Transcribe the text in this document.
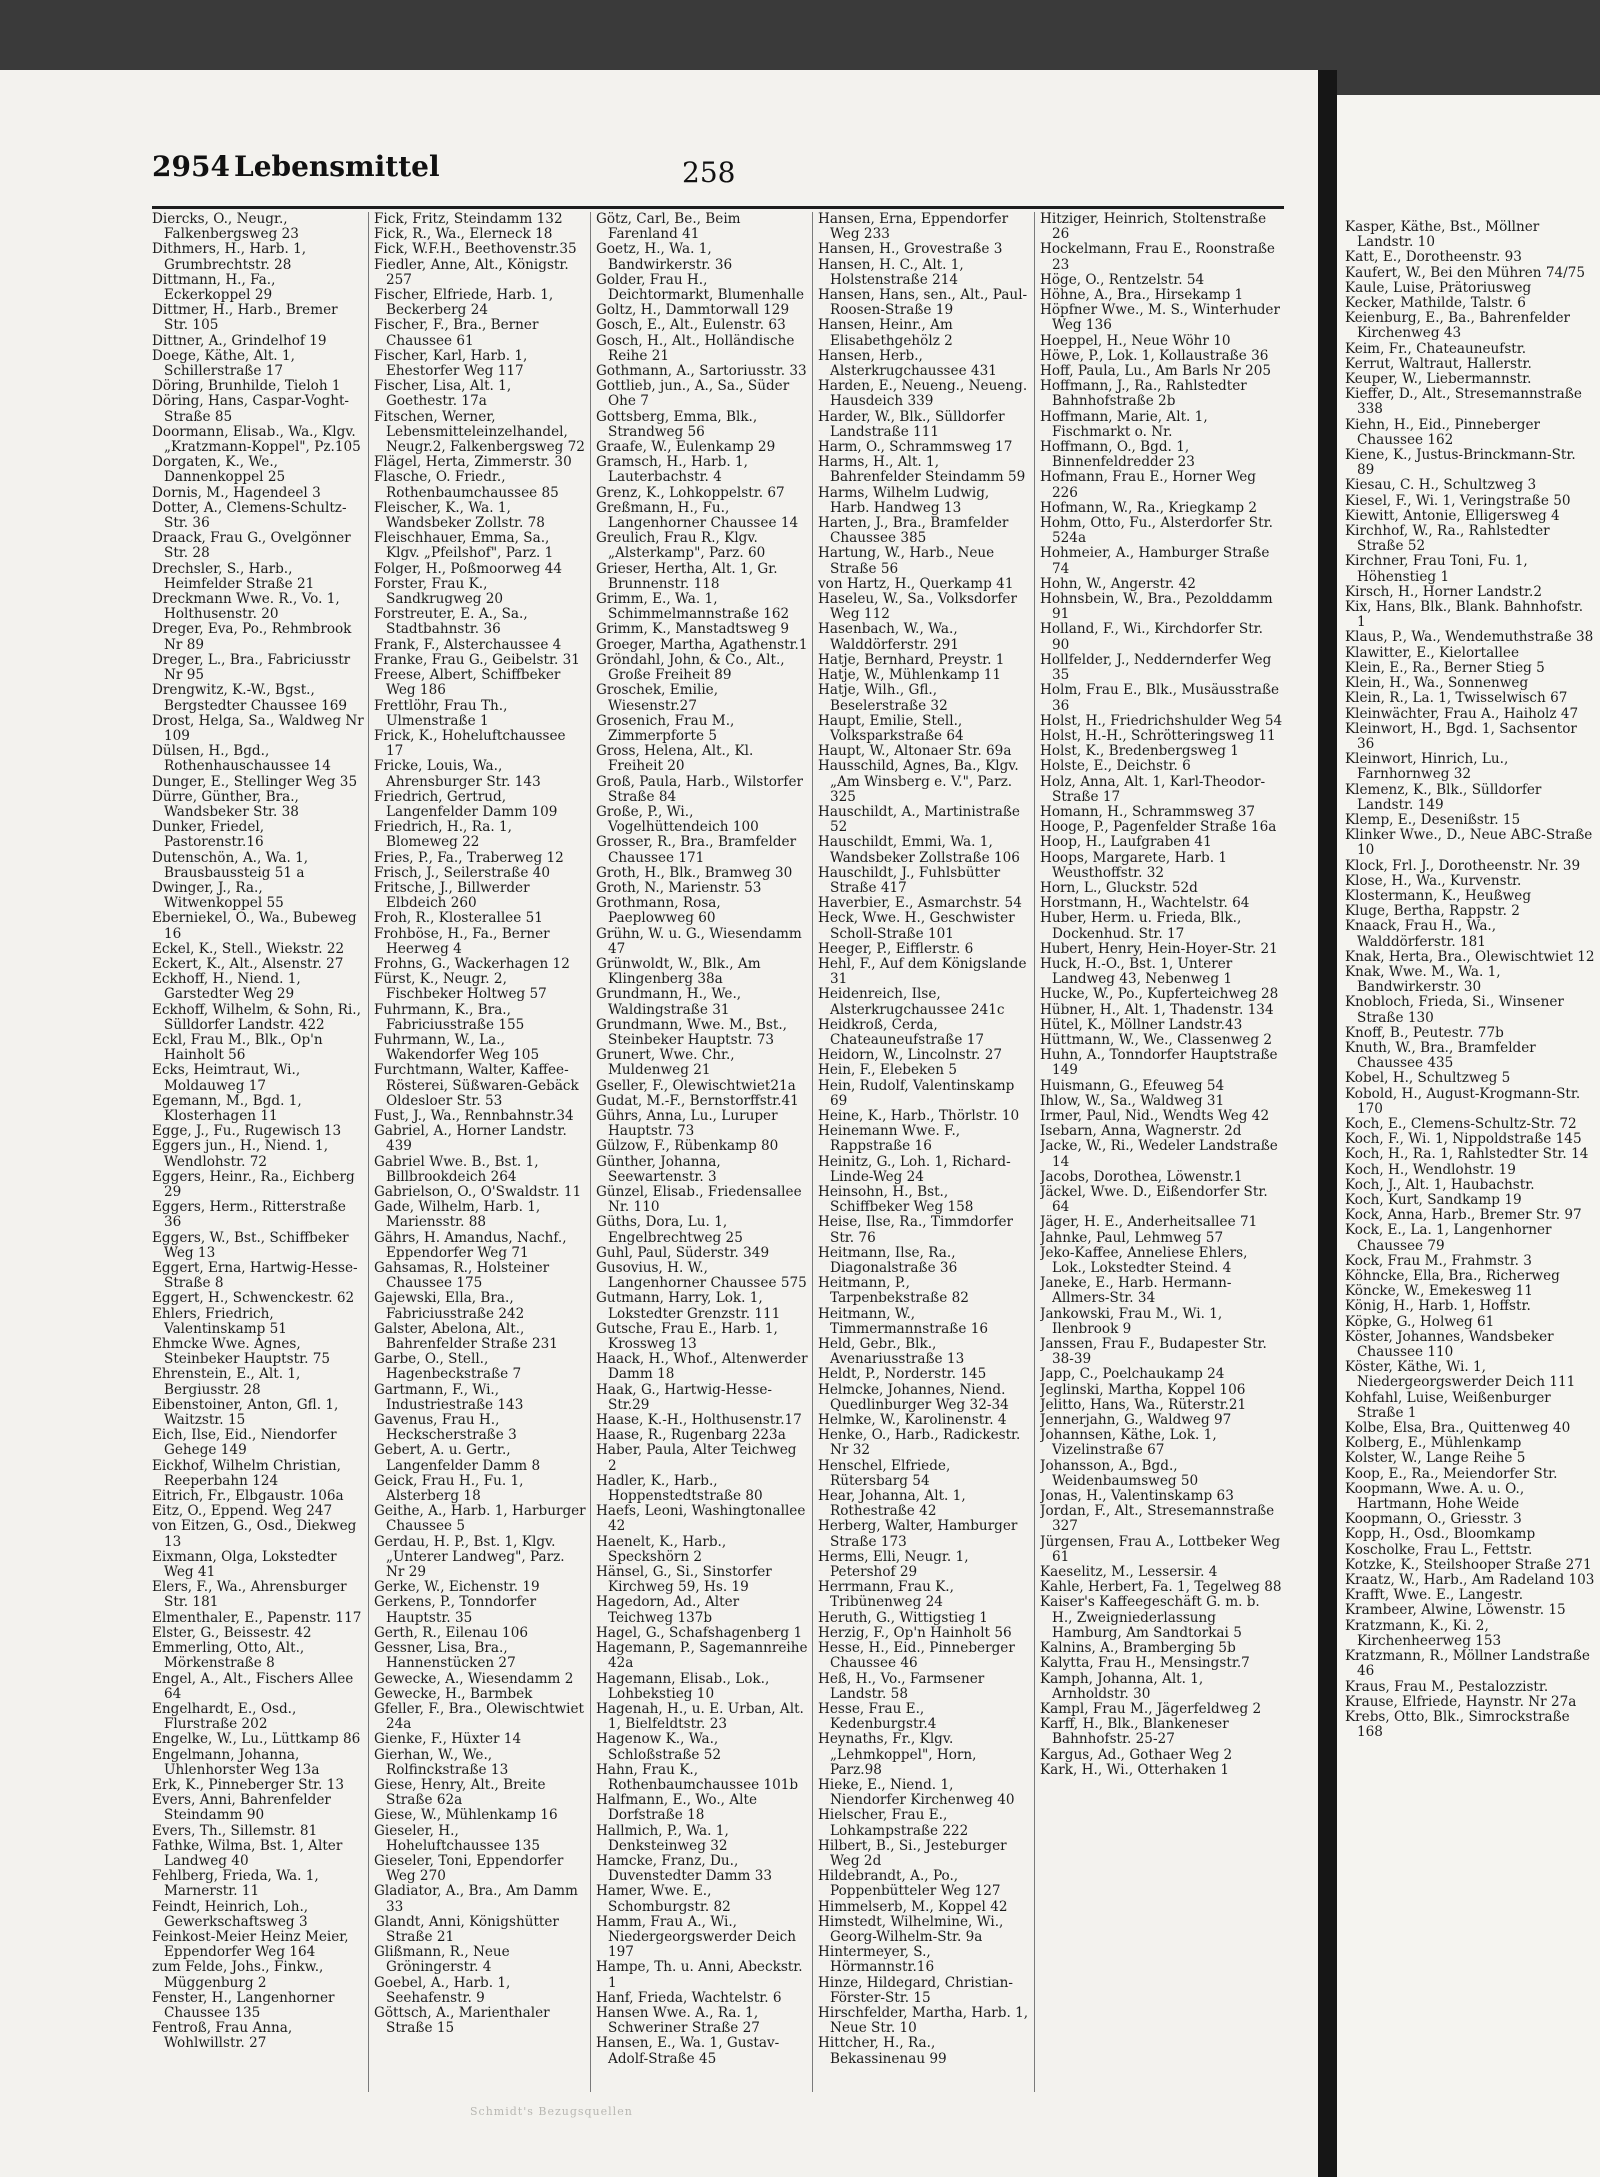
Kasper, Käthe, Bst., Möllner Landstr. 10

Katt, E., Dorotheenstr. 93

Kaufert, W., Bei den Mühren 74/75

Kaule, Luise, Prätoriusweg

Kecker, Mathilde, Talstr. 6

Keienburg, E., Ba., Bahrenfelder Kirchenweg 43

Keim, Fr., Chateauneufstr.

Kerrut, Waltraut, Hallerstr.

Keuper, W., Liebermannstr.

Kieffer, D., Alt., Stresemannstraße 338

Kiehn, H., Eid., Pinneberger Chaussee 162

Kiene, K., Justus-Brinckmann-Str. 89

Kiesau, C. H., Schultzweg 3

Kiesel, F., Wi. 1, Veringstraße 50

Kiewitt, Antonie, Elligersweg 4

Kirchhof, W., Ra., Rahlstedter Straße 52

Kirchner, Frau Toni, Fu. 1, Höhenstieg 1

Kirsch, H., Horner Landstr.2

Kix, Hans, Blk., Blank. Bahnhofstr. 1

Klaus, P., Wa., Wendemuthstraße 38

Klawitter, E., Kielortallee

Klein, E., Ra., Berner Stieg 5

Klein, H., Wa., Sonnenweg

Klein, R., La. 1, Twisselwisch 67

Kleinwächter, Frau A., Haiholz 47

Kleinwort, H., Bgd. 1, Sachsentor 36

Kleinwort, Hinrich, Lu., Farnhornweg 32

Klemenz, K., Blk., Sülldorfer Landstr. 149

Klemp, E., Desenißstr. 15

Klinker Wwe., D., Neue ABC-Straße 10

Klock, Frl. J., Dorotheenstr. Nr. 39

Klose, H., Wa., Kurvenstr.

Klostermann, K., Heußweg

Kluge, Bertha, Rappstr. 2

Knaack, Frau H., Wa., Walddörferstr. 181

Knak, Herta, Bra., Olewischtwiet 12

Knak, Wwe. M., Wa. 1, Bandwirkerstr. 30

Knobloch, Frieda, Si., Winsener Straße 130

Knoff, B., Peutestr. 77b

Knuth, W., Bra., Bramfelder Chaussee 435

Kobel, H., Schultzweg 5

Kobold, H., August-Krogmann-Str. 170

Koch, E., Clemens-Schultz-Str. 72

Koch, F., Wi. 1, Nippoldstraße 145

Koch, H., Ra. 1, Rahlstedter Str. 14

Koch, H., Wendlohstr. 19

Koch, J., Alt. 1, Haubachstr.

Koch, Kurt, Sandkamp 19

Kock, Anna, Harb., Bremer Str. 97

Kock, E., La. 1, Langenhorner Chaussee 79

Kock, Frau M., Frahmstr. 3

Köhncke, Ella, Bra., Richerweg

Köncke, W., Emekesweg 11

König, H., Harb. 1, Hoffstr.

Köpke, G., Holweg 61

Köster, Johannes, Wandsbeker Chaussee 110

Köster, Käthe, Wi. 1, Niedergeorgswerder Deich 111

Kohfahl, Luise, Weißenburger Straße 1

Kolbe, Elsa, Bra., Quittenweg 40

Kolberg, E., Mühlenkamp

Kolster, W., Lange Reihe 5

Koop, E., Ra., Meiendorfer Str.

Koopmann, Wwe. A. u. O., Hartmann, Hohe Weide

Koopmann, O., Griesstr. 3

Kopp, H., Osd., Bloomkamp

Koscholke, Frau L., Fettstr.

Kotzke, K., Steilshooper Straße 271

Kraatz, W., Harb., Am Radeland 103

Krafft, Wwe. E., Langestr.

Krambeer, Alwine, Löwenstr. 15

Kratzmann, K., Ki. 2, Kirchenheerweg 153

Kratzmann, R., Möllner Landstraße 46

Kraus, Frau M., Pestalozzistr.

Krause, Elfriede, Haynstr. Nr 27a

Krebs, Otto, Blk., Simrockstraße 168

2954 Lebensmittel	258

Diercks, O., Neugr., Falkenbergsweg 23

Dithmers, H., Harb. 1, Grumbrechtstr. 28

Dittmann, H., Fa., Eckerkoppel 29

Dittmer, H., Harb., Bremer Str. 105

Dittner, A., Grindelhof 19

Doege, Käthe, Alt. 1, Schillerstraße 17

Döring, Brunhilde, Tieloh 1

Döring, Hans, Caspar-Voght-Straße 85

Doormann, Elisab., Wa., Klgv. „Kratzmann-Koppel", Pz.105

Dorgaten, K., We., Dannenkoppel 25

Dornis, M., Hagendeel 3

Dotter, A., Clemens-Schultz-Str. 36

Draack, Frau G., Ovelgönner Str. 28

Drechsler, S., Harb., Heimfelder Straße 21

Dreckmann Wwe. R., Vo. 1, Holthusenstr. 20

Dreger, Eva, Po., Rehmbrook Nr 89

Dreger, L., Bra., Fabriciusstr Nr 95

Drengwitz, K.-W., Bgst., Bergstedter Chaussee 169

Drost, Helga, Sa., Waldweg Nr 109

Dülsen, H., Bgd., Rothenhauschaussee 14

Dunger, E., Stellinger Weg 35

Dürre, Günther, Bra., Wandsbeker Str. 38

Dunker, Friedel, Pastorenstr.16

Dutenschön, A., Wa. 1, Brausbaussteig 51 a

Dwinger, J., Ra., Witwenkoppel 55

Eberniekel, O., Wa., Bubeweg 16

Eckel, K., Stell., Wiekstr. 22

Eckert, K., Alt., Alsenstr. 27

Eckhoff, H., Niend. 1, Garstedter Weg 29

Eckhoff, Wilhelm, & Sohn, Ri., Sülldorfer Landstr. 422

Eckl, Frau M., Blk., Op'n Hainholt 56

Ecks, Heimtraut, Wi., Moldauweg 17

Egemann, M., Bgd. 1, Klosterhagen 11

Egge, J., Fu., Rugewisch 13

Eggers jun., H., Niend. 1, Wendlohstr. 72

Eggers, Heinr., Ra., Eichberg 29

Eggers, Herm., Ritterstraße 36

Eggers, W., Bst., Schiffbeker Weg 13

Eggert, Erna, Hartwig-Hesse-Straße 8

Eggert, H., Schwenckestr. 62

Ehlers, Friedrich, Valentinskamp 51

Ehmcke Wwe. Agnes, Steinbeker Hauptstr. 75

Ehrenstein, E., Alt. 1, Bergiusstr. 28

Eibenstoiner, Anton, Gfl. 1, Waitzstr. 15

Eich, Ilse, Eid., Niendorfer Gehege 149

Eickhof, Wilhelm Christian, Reeperbahn 124

Eitrich, Fr., Elbgaustr. 106a

Eitz, O., Eppend. Weg 247

von Eitzen, G., Osd., Diekweg 13

Eixmann, Olga, Lokstedter Weg 41

Elers, F., Wa., Ahrensburger Str. 181

Elmenthaler, E., Papenstr. 117

Elster, G., Beissestr. 42

Emmerling, Otto, Alt., Mörkenstraße 8

Engel, A., Alt., Fischers Allee 64

Engelhardt, E., Osd., Flurstraße 202

Engelke, W., Lu., Lüttkamp 86

Engelmann, Johanna, Uhlenhorster Weg 13a

Erk, K., Pinneberger Str. 13

Evers, Anni, Bahrenfelder Steindamm 90

Evers, Th., Sillemstr. 81

Fathke, Wilma, Bst. 1, Alter Landweg 40

Fehlberg, Frieda, Wa. 1, Marnerstr. 11

Feindt, Heinrich, Loh., Gewerkschaftsweg 3

Feinkost-Meier Heinz Meier, Eppendorfer Weg 164

zum Felde, Johs., Finkw., Müggenburg 2

Fenster, H., Langenhorner Chaussee 135

Fentroß, Frau Anna, Wohlwillstr. 27

Fick, Fritz, Steindamm 132

Fick, R., Wa., Elerneck 18

Fick, W.F.H., Beethovenstr.35

Fiedler, Anne, Alt., Königstr. 257

Fischer, Elfriede, Harb. 1, Beckerberg 24

Fischer, F., Bra., Berner Chaussee 61

Fischer, Karl, Harb. 1, Ehestorfer Weg 117

Fischer, Lisa, Alt. 1, Goethestr. 17a

Fitschen, Werner, Lebensmitteleinzelhandel, Neugr.2, Falkenbergsweg 72

Flägel, Herta, Zimmerstr. 30

Flasche, O. Friedr., Rothenbaumchaussee 85

Fleischer, K., Wa. 1, Wandsbeker Zollstr. 78

Fleischhauer, Emma, Sa., Klgv. „Pfeilshof", Parz. 1

Folger, H., Poßmoorweg 44

Forster, Frau K., Sandkrugweg 20

Forstreuter, E. A., Sa., Stadtbahnstr. 36

Frank, F., Alsterchaussee 4

Franke, Frau G., Geibelstr. 31

Freese, Albert, Schiffbeker Weg 186

Frettlöhr, Frau Th., Ulmenstraße 1

Frick, K., Hoheluftchaussee 17

Fricke, Louis, Wa., Ahrensburger Str. 143

Friedrich, Gertrud, Langenfelder Damm 109

Friedrich, H., Ra. 1, Blomeweg 22

Fries, P., Fa., Traberweg 12

Frisch, J., Seilerstraße 40

Fritsche, J., Billwerder Elbdeich 260

Froh, R., Klosterallee 51

Frohböse, H., Fa., Berner Heerweg 4

Frohns, G., Wackerhagen 12

Fürst, K., Neugr. 2, Fischbeker Holtweg 57

Fuhrmann, K., Bra., Fabriciusstraße 155

Fuhrmann, W., La., Wakendorfer Weg 105

Furchtmann, Walter, Kaffee-Rösterei, Süßwaren-Gebäck Oldesloer Str. 53

Fust, J., Wa., Rennbahnstr.34

Gabriel, A., Horner Landstr. 439

Gabriel Wwe. B., Bst. 1, Billbrookdeich 264

Gabrielson, O., O'Swaldstr. 11

Gade, Wilhelm, Harb. 1, Mariensstr. 88

Gährs, H. Amandus, Nachf., Eppendorfer Weg 71

Gahsamas, R., Holsteiner Chaussee 175

Gajewski, Ella, Bra., Fabriciusstraße 242

Galster, Abelona, Alt., Bahrenfelder Straße 231

Garbe, O., Stell., Hagenbeckstraße 7

Gartmann, F., Wi., Industriestraße 143

Gavenus, Frau H., Heckscherstraße 3

Gebert, A. u. Gertr., Langenfelder Damm 8

Geick, Frau H., Fu. 1, Alsterberg 18

Geithe, A., Harb. 1, Harburger Chaussee 5

Gerdau, H. P., Bst. 1, Klgv. „Unterer Landweg", Parz. Nr 29

Gerke, W., Eichenstr. 19

Gerkens, P., Tonndorfer Hauptstr. 35

Gerth, R., Eilenau 106

Gessner, Lisa, Bra., Hannenstücken 27

Gewecke, A., Wiesendamm 2

Gewecke, H., Barmbek

Gfeller, F., Bra., Olewischtwiet 24a

Gienke, F., Hüxter 14

Gierhan, W., We., Rolfinckstraße 13

Giese, Henry, Alt., Breite Straße 62a

Giese, W., Mühlenkamp 16

Gieseler, H., Hoheluftchaussee 135

Gieseler, Toni, Eppendorfer Weg 270

Gladiator, A., Bra., Am Damm 33

Glandt, Anni, Königshütter Straße 21

Glißmann, R., Neue Gröningerstr. 4

Goebel, A., Harb. 1, Seehafenstr. 9

Göttsch, A., Marienthaler Straße 15

Götz, Carl, Be., Beim Farenland 41

Goetz, H., Wa. 1, Bandwirkerstr. 36

Golder, Frau H., Deichtormarkt, Blumenhalle

Goltz, H., Dammtorwall 129

Gosch, E., Alt., Eulenstr. 63

Gosch, H., Alt., Holländische Reihe 21

Gothmann, A., Sartoriusstr. 33

Gottlieb, jun., A., Sa., Süder Ohe 7

Gottsberg, Emma, Blk., Strandweg 56

Graafe, W., Eulenkamp 29

Gramsch, H., Harb. 1, Lauterbachstr. 4

Grenz, K., Lohkoppelstr. 67

Greßmann, H., Fu., Langenhorner Chaussee 14

Greulich, Frau R., Klgv. „Alsterkamp", Parz. 60

Grieser, Hertha, Alt. 1, Gr. Brunnenstr. 118

Grimm, E., Wa. 1, Schimmelmannstraße 162

Grimm, K., Manstadtsweg 9

Groeger, Martha, Agathenstr.1

Gröndahl, John, & Co., Alt., Große Freiheit 89

Groschek, Emilie, Wiesenstr.27

Grosenich, Frau M., Zimmerpforte 5

Gross, Helena, Alt., Kl. Freiheit 20

Groß, Paula, Harb., Wilstorfer Straße 84

Große, P., Wi., Vogelhüttendeich 100

Grosser, R., Bra., Bramfelder Chaussee 171

Groth, H., Blk., Bramweg 30

Groth, N., Marienstr. 53

Grothmann, Rosa, Paeplowweg 60

Grühn, W. u. G., Wiesendamm 47

Grünwoldt, W., Blk., Am Klingenberg 38a

Grundmann, H., We., Waldingstraße 31

Grundmann, Wwe. M., Bst., Steinbeker Hauptstr. 73

Grunert, Wwe. Chr., Muldenweg 21

Gseller, F., Olewischtwiet21a

Gudat, M.-F., Bernstorffstr.41

Gührs, Anna, Lu., Luruper Hauptstr. 73

Gülzow, F., Rübenkamp 80

Günther, Johanna, Seewartenstr. 3

Günzel, Elisab., Friedensallee Nr. 110

Güths, Dora, Lu. 1, Engelbrechtweg 25

Guhl, Paul, Süderstr. 349

Gusovius, H. W., Langenhorner Chaussee 575

Gutmann, Harry, Lok. 1, Lokstedter Grenzstr. 111

Gutsche, Frau E., Harb. 1, Krossweg 13

Haack, H., Whof., Altenwerder Damm 18

Haak, G., Hartwig-Hesse-Str.29

Haase, K.-H., Holthusenstr.17

Haase, R., Rugenbarg 223a

Haber, Paula, Alter Teichweg 2

Hadler, K., Harb., Hoppenstedtstraße 80

Haefs, Leoni, Washingtonallee 42

Haenelt, K., Harb., Speckshörn 2

Hänsel, G., Si., Sinstorfer Kirchweg 59, Hs. 19

Hagedorn, Ad., Alter Teichweg 137b

Hagel, G., Schafshagenberg 1

Hagemann, P., Sagemannreihe 42a

Hagemann, Elisab., Lok., Lohbekstieg 10

Hagenah, H., u. E. Urban, Alt. 1, Bielfeldtstr. 23

Hagenow K., Wa., Schloßstraße 52

Hahn, Frau K., Rothenbaumchaussee 101b

Halfmann, E., Wo., Alte Dorfstraße 18

Hallmich, P., Wa. 1, Denksteinweg 32

Hamcke, Franz, Du., Duvenstedter Damm 33

Hamer, Wwe. E., Schomburgstr. 82

Hamm, Frau A., Wi., Niedergeorgswerder Deich 197

Hampe, Th. u. Anni, Abeckstr. 1

Hanf, Frieda, Wachtelstr. 6

Hansen Wwe. A., Ra. 1, Schweriner Straße 27

Hansen, E., Wa. 1, Gustav-Adolf-Straße 45

Hansen, Erna, Eppendorfer Weg 233

Hansen, H., Grovestraße 3

Hansen, H. C., Alt. 1, Holstenstraße 214

Hansen, Hans, sen., Alt., Paul-Roosen-Straße 19

Hansen, Heinr., Am Elisabethgehölz 2

Hansen, Herb., Alsterkrugchaussee 431

Harden, E., Neueng., Neueng. Hausdeich 339

Harder, W., Blk., Sülldorfer Landstraße 111

Harm, O., Schrammsweg 17

Harms, H., Alt. 1, Bahrenfelder Steindamm 59

Harms, Wilhelm Ludwig, Harb. Handweg 13

Harten, J., Bra., Bramfelder Chaussee 385

Hartung, W., Harb., Neue Straße 56

von Hartz, H., Querkamp 41

Haseleu, W., Sa., Volksdorfer Weg 112

Hasenbach, W., Wa., Walddörferstr. 291

Hatje, Bernhard, Preystr. 1

Hatje, W., Mühlenkamp 11

Hatje, Wilh., Gfl., Beselerstraße 32

Haupt, Emilie, Stell., Volksparkstraße 64

Haupt, W., Altonaer Str. 69a

Hausschild, Agnes, Ba., Klgv. „Am Winsberg e. V.", Parz. 325

Hauschildt, A., Martinistraße 52

Hauschildt, Emmi, Wa. 1, Wandsbeker Zollstraße 106

Hauschildt, J., Fuhlsbütter Straße 417

Haverbier, E., Asmarchstr. 54

Heck, Wwe. H., Geschwister Scholl-Straße 101

Heeger, P., Eifflerstr. 6

Hehl, F., Auf dem Königslande 31

Heidenreich, Ilse, Alsterkrugchaussee 241c

Heidkroß, Cerda, Chateauneufstraße 17

Heidorn, W., Lincolnstr. 27

Hein, F., Elebeken 5

Hein, Rudolf, Valentinskamp 69

Heine, K., Harb., Thörlstr. 10

Heinemann Wwe. F., Rappstraße 16

Heinitz, G., Loh. 1, Richard-Linde-Weg 24

Heinsohn, H., Bst., Schiffbeker Weg 158

Heise, Ilse, Ra., Timmdorfer Str. 76

Heitmann, Ilse, Ra., Diagonalstraße 36

Heitmann, P., Tarpenbekstraße 82

Heitmann, W., Timmermannstraße 16

Held, Gebr., Blk., Avenariusstraße 13

Heldt, P., Norderstr. 145

Helmcke, Johannes, Niend. Quedlinburger Weg 32-34

Helmke, W., Karolinenstr. 4

Henke, O., Harb., Radickestr. Nr 32

Henschel, Elfriede, Rütersbarg 54

Hear, Johanna, Alt. 1, Rothestraße 42

Herberg, Walter, Hamburger Straße 173

Herms, Elli, Neugr. 1, Petershof 29

Herrmann, Frau K., Tribünenweg 24

Heruth, G., Wittigstieg 1

Herzig, F., Op'n Hainholt 56

Hesse, H., Eid., Pinneberger Chaussee 46

Heß, H., Vo., Farmsener Landstr. 58

Hesse, Frau E., Kedenburgstr.4

Heynaths, Fr., Klgv. „Lehmkoppel", Horn, Parz.98

Hieke, E., Niend. 1, Niendorfer Kirchenweg 40

Hielscher, Frau E., Lohkampstraße 222

Hilbert, B., Si., Jesteburger Weg 2d

Hildebrandt, A., Po., Poppenbütteler Weg 127

Himmelserb, M., Koppel 42

Himstedt, Wilhelmine, Wi., Georg-Wilhelm-Str. 9a

Hintermeyer, S., Hörmannstr.16

Hinze, Hildegard, Christian-Förster-Str. 15

Hirschfelder, Martha, Harb. 1, Neue Str. 10

Hittcher, H., Ra., Bekassinenau 99

Hitziger, Heinrich, Stoltenstraße 26

Hockelmann, Frau E., Roonstraße 23

Höge, O., Rentzelstr. 54

Höhne, A., Bra., Hirsekamp 1

Höpfner Wwe., M. S., Winterhuder Weg 136

Hoeppel, H., Neue Wöhr 10

Höwe, P., Lok. 1, Kollaustraße 36

Hoff, Paula, Lu., Am Barls Nr 205

Hoffmann, J., Ra., Rahlstedter Bahnhofstraße 2b

Hoffmann, Marie, Alt. 1, Fischmarkt o. Nr.

Hoffmann, O., Bgd. 1, Binnenfeldredder 23

Hofmann, Frau E., Horner Weg 226

Hofmann, W., Ra., Kriegkamp 2

Hohm, Otto, Fu., Alsterdorfer Str. 524a

Hohmeier, A., Hamburger Straße 74

Hohn, W., Angerstr. 42

Hohnsbein, W., Bra., Pezolddamm 91

Holland, F., Wi., Kirchdorfer Str. 90

Hollfelder, J., Neddernderfer Weg 35

Holm, Frau E., Blk., Musäusstraße 36

Holst, H., Friedrichshulder Weg 54

Holst, H.-H., Schrötteringsweg 11

Holst, K., Bredenbergsweg 1

Holste, E., Deichstr. 6

Holz, Anna, Alt. 1, Karl-Theodor-Straße 17

Homann, H., Schrammsweg 37

Hooge, P., Pagenfelder Straße 16a

Hoop, H., Laufgraben 41

Hoops, Margarete, Harb. 1 Weusthoffstr. 32

Horn, L., Gluckstr. 52d

Horstmann, H., Wachtelstr. 64

Huber, Herm. u. Frieda, Blk., Dockenhud. Str. 17

Hubert, Henry, Hein-Hoyer-Str. 21

Huck, H.-O., Bst. 1, Unterer Landweg 43, Nebenweg 1

Hucke, W., Po., Kupferteichweg 28

Hübner, H., Alt. 1, Thadenstr. 134

Hütel, K., Möllner Landstr.43

Hüttmann, W., We., Classenweg 2

Huhn, A., Tonndorfer Hauptstraße 149

Huismann, G., Efeuweg 54

Ihlow, W., Sa., Waldweg 31

Irmer, Paul, Nid., Wendts Weg 42

Isebarn, Anna, Wagnerstr. 2d

Jacke, W., Ri., Wedeler Landstraße 14

Jacobs, Dorothea, Löwenstr.1

Jäckel, Wwe. D., Eißendorfer Str. 64

Jäger, H. E., Anderheitsallee 71

Jahnke, Paul, Lehmweg 57

Jeko-Kaffee, Anneliese Ehlers, Lok., Lokstedter Steind. 4

Janeke, E., Harb. Hermann-Allmers-Str. 34

Jankowski, Frau M., Wi. 1, Ilenbrook 9

Janssen, Frau F., Budapester Str. 38-39

Japp, C., Poelchaukamp 24

Jeglinski, Martha, Koppel 106

Jelitto, Hans, Wa., Rüterstr.21

Jennerjahn, G., Waldweg 97

Johannsen, Käthe, Lok. 1, Vizelinstraße 67

Johansson, A., Bgd., Weidenbaumsweg 50

Jonas, H., Valentinskamp 63

Jordan, F., Alt., Stresemannstraße 327

Jürgensen, Frau A., Lottbeker Weg 61

Kaeselitz, M., Lessersir. 4

Kahle, Herbert, Fa. 1, Tegelweg 88

Kaiser's Kaffeegeschäft G. m. b. H., Zweigniederlassung Hamburg, Am Sandtorkai 5

Kalnins, A., Bramberging 5b

Kalytta, Frau H., Mensingstr.7

Kamph, Johanna, Alt. 1, Arnholdstr. 30

Kampl, Frau M., Jägerfeldweg 2

Karff, H., Blk., Blankeneser Bahnhofstr. 25-27

Kargus, Ad., Gothaer Weg 2

Kark, H., Wi., Otterhaken 1

Schmidt's Bezugsquellen
